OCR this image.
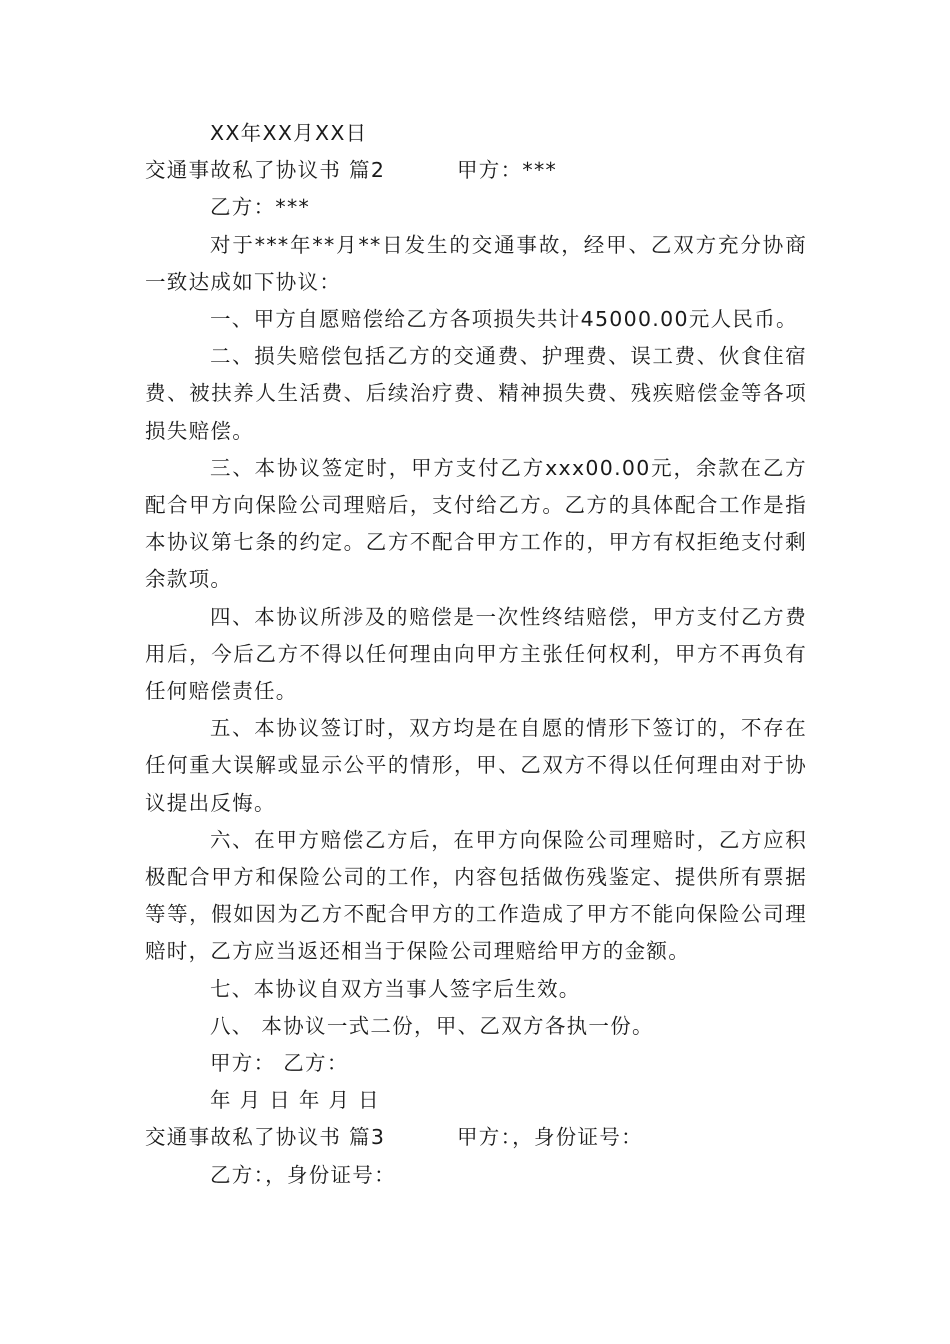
XX年XX月XX日

交通事故私了协议书 篇2	甲方：***

乙方：***

对于***年**月**日发生的交通事故，经甲、乙双方充分协商一致达成如下协议：

一、甲方自愿赔偿给乙方各项损失共计45000.00元人民币。

二、损失赔偿包括乙方的交通费、护理费、误工费、伙食住宿费、被扶养人生活费、后续治疗费、精神损失费、残疾赔偿金等各项损失赔偿。

三、本协议签定时，甲方支付乙方xxx00.00元，余款在乙方配合甲方向保险公司理赔后，支付给乙方。乙方的具体配合工作是指本协议第七条的约定。乙方不配合甲方工作的，甲方有权拒绝支付剩余款项。

四、本协议所涉及的赔偿是一次性终结赔偿，甲方支付乙方费用后，今后乙方不得以任何理由向甲方主张任何权利，甲方不再负有任何赔偿责任。

五、本协议签订时，双方均是在自愿的情形下签订的，不存在任何重大误解或显示公平的情形，甲、乙双方不得以任何理由对于协议提出反悔。

六、在甲方赔偿乙方后，在甲方向保险公司理赔时，乙方应积极配合甲方和保险公司的工作，内容包括做伤残鉴定、提供所有票据等等，假如因为乙方不配合甲方的工作造成了甲方不能向保险公司理赔时，乙方应当返还相当于保险公司理赔给甲方的金额。

七、本协议自双方当事人签字后生效。

八、 本协议一式二份，甲、乙双方各执一份。

甲方： 乙方：

年 月 日 年 月 日

交通事故私了协议书 篇3	甲方：，身份证号：

乙方：，身份证号：
